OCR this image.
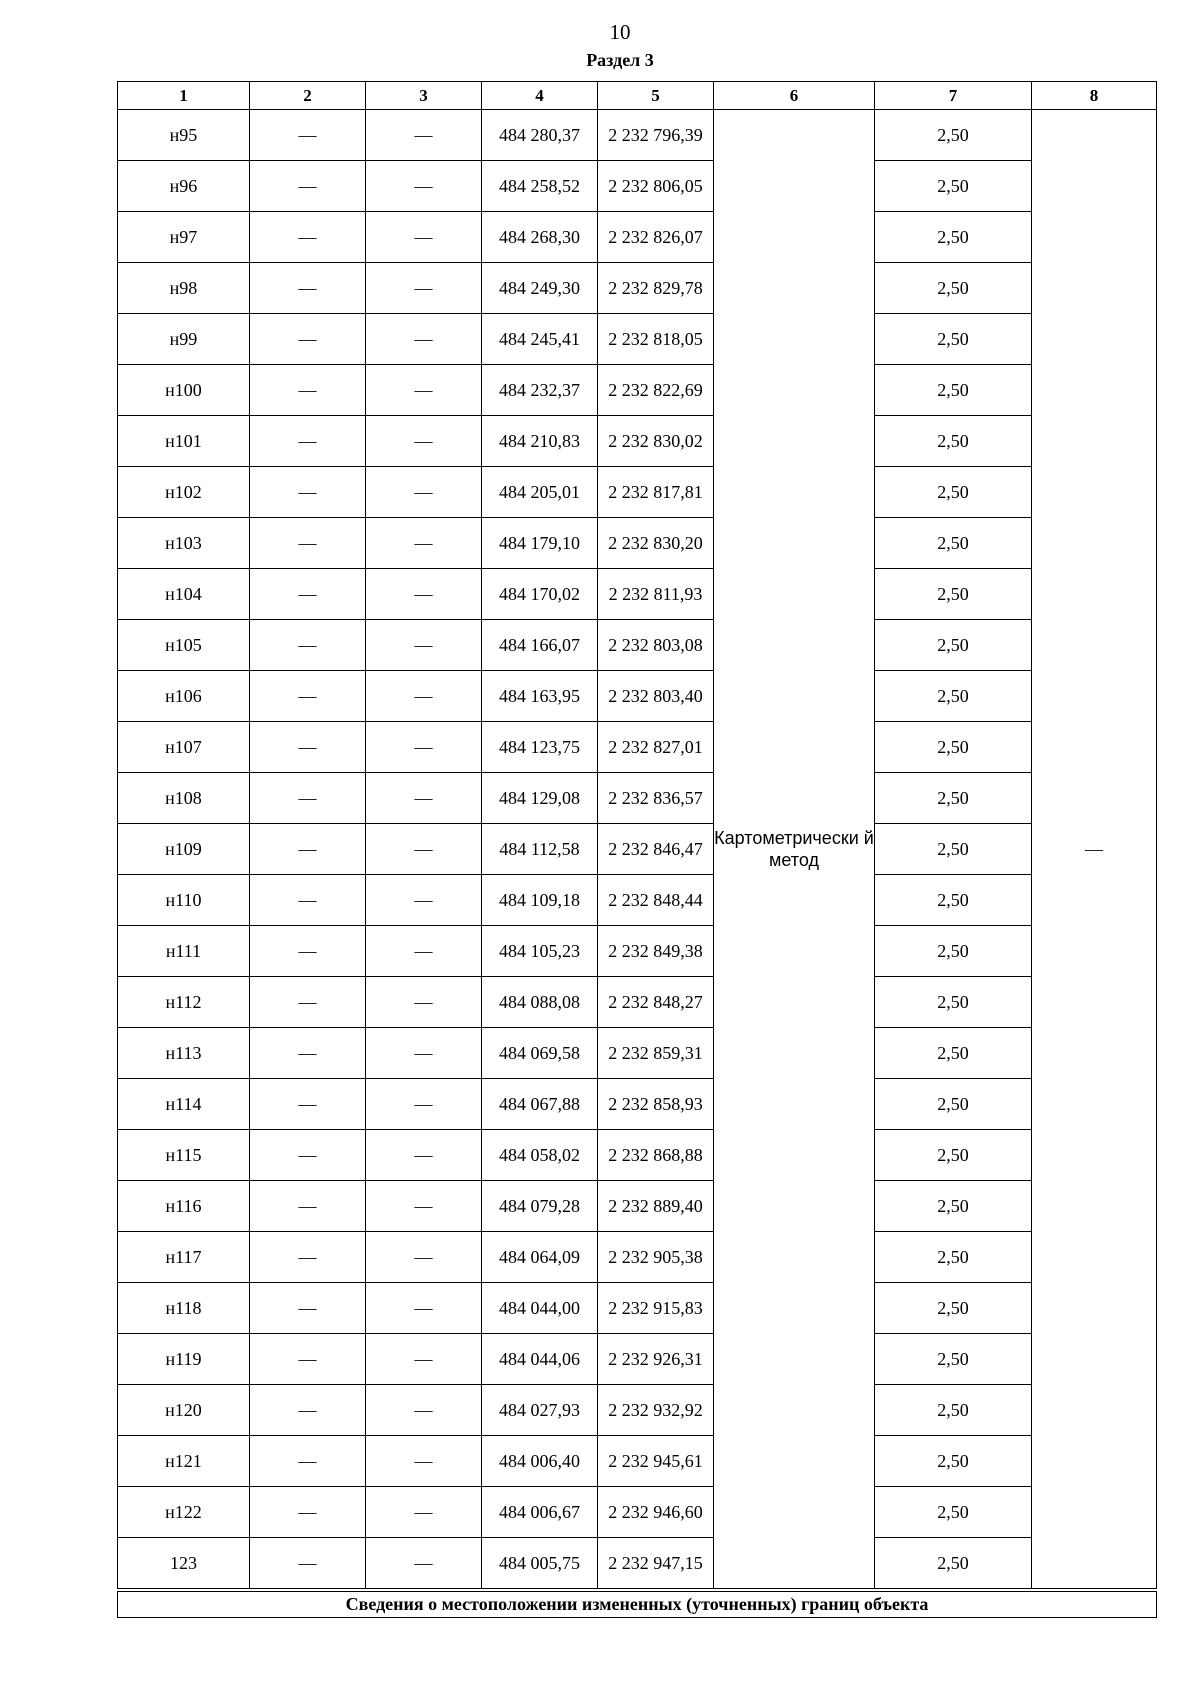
10
Раздел 3
1	2	3	4	5	6	7	8
н95	—	—	484 280,37	2 232 796,39	Картометрически й метод	2,50	—
н96	—	—	484 258,52	2 232 806,05		2,50	
н97	—	—	484 268,30	2 232 826,07		2,50	
н98	—	—	484 249,30	2 232 829,78		2,50	
н99	—	—	484 245,41	2 232 818,05		2,50	
н100	—	—	484 232,37	2 232 822,69		2,50	
н101	—	—	484 210,83	2 232 830,02		2,50	
н102	—	—	484 205,01	2 232 817,81		2,50	
н103	—	—	484 179,10	2 232 830,20		2,50	
н104	—	—	484 170,02	2 232 811,93		2,50	
н105	—	—	484 166,07	2 232 803,08		2,50	
н106	—	—	484 163,95	2 232 803,40		2,50	
н107	—	—	484 123,75	2 232 827,01		2,50	
н108	—	—	484 129,08	2 232 836,57		2,50	
н109	—	—	484 112,58	2 232 846,47		2,50	
н110	—	—	484 109,18	2 232 848,44		2,50	
н111	—	—	484 105,23	2 232 849,38		2,50	
н112	—	—	484 088,08	2 232 848,27		2,50	
н113	—	—	484 069,58	2 232 859,31		2,50	
н114	—	—	484 067,88	2 232 858,93		2,50	
н115	—	—	484 058,02	2 232 868,88		2,50	
н116	—	—	484 079,28	2 232 889,40		2,50	
н117	—	—	484 064,09	2 232 905,38		2,50	
н118	—	—	484 044,00	2 232 915,83		2,50	
н119	—	—	484 044,06	2 232 926,31		2,50	
н120	—	—	484 027,93	2 232 932,92		2,50	
н121	—	—	484 006,40	2 232 945,61		2,50	
н122	—	—	484 006,67	2 232 946,60		2,50	
123	—	—	484 005,75	2 232 947,15		2,50	
Сведения о местоположении измененных (уточненных) границ объекта							
